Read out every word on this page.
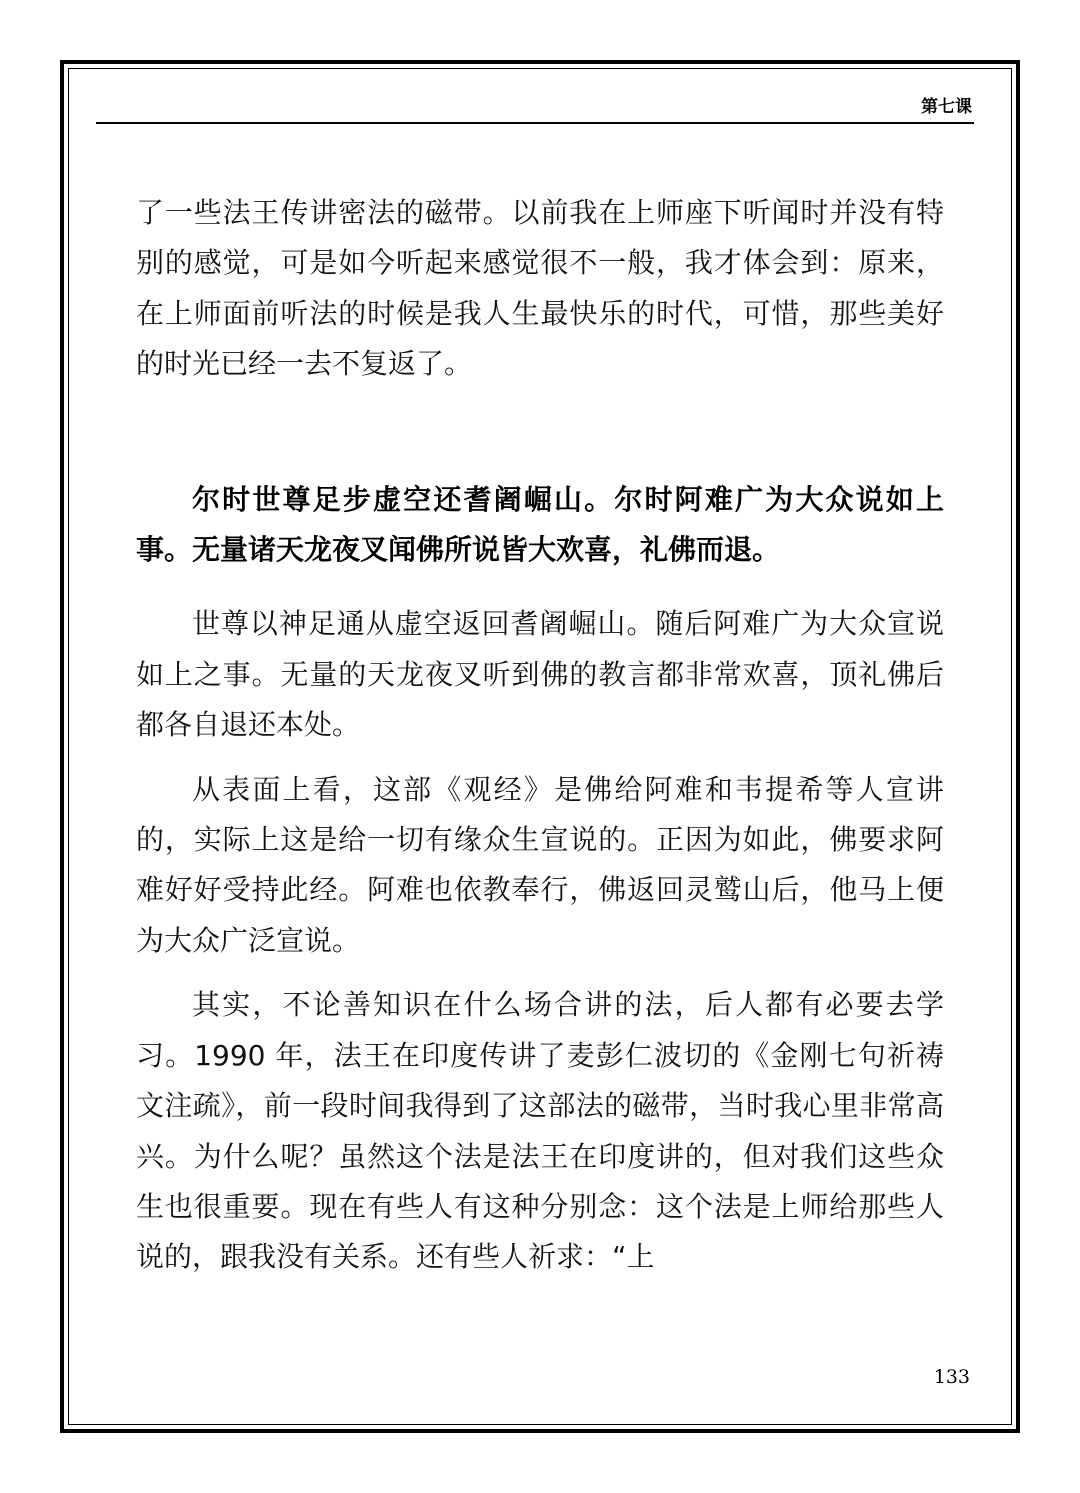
第七课

了一些法王传讲密法的磁带。以前我在上师座下听闻时并没有特别的感觉，可是如今听起来感觉很不一般，我才体会到：原来，在上师面前听法的时候是我人生最快乐的时代，可惜，那些美好的时光已经一去不复返了。

尔时世尊足步虚空还耆阇崛山。尔时阿难广为大众说如上事。无量诸天龙夜叉闻佛所说皆大欢喜，礼佛而退。

世尊以神足通从虚空返回耆阇崛山。随后阿难广为大众宣说如上之事。无量的天龙夜叉听到佛的教言都非常欢喜，顶礼佛后都各自退还本处。

从表面上看，这部《观经》是佛给阿难和韦提希等人宣讲的，实际上这是给一切有缘众生宣说的。正因为如此，佛要求阿难好好受持此经。阿难也依教奉行，佛返回灵鹫山后，他马上便为大众广泛宣说。

其实，不论善知识在什么场合讲的法，后人都有必要去学习。1990 年，法王在印度传讲了麦彭仁波切的《金刚七句祈祷文注疏》，前一段时间我得到了这部法的磁带，当时我心里非常高兴。为什么呢？虽然这个法是法王在印度讲的，但对我们这些众生也很重要。现在有些人有这种分别念：这个法是上师给那些人说的，跟我没有关系。还有些人祈求：“上

133
